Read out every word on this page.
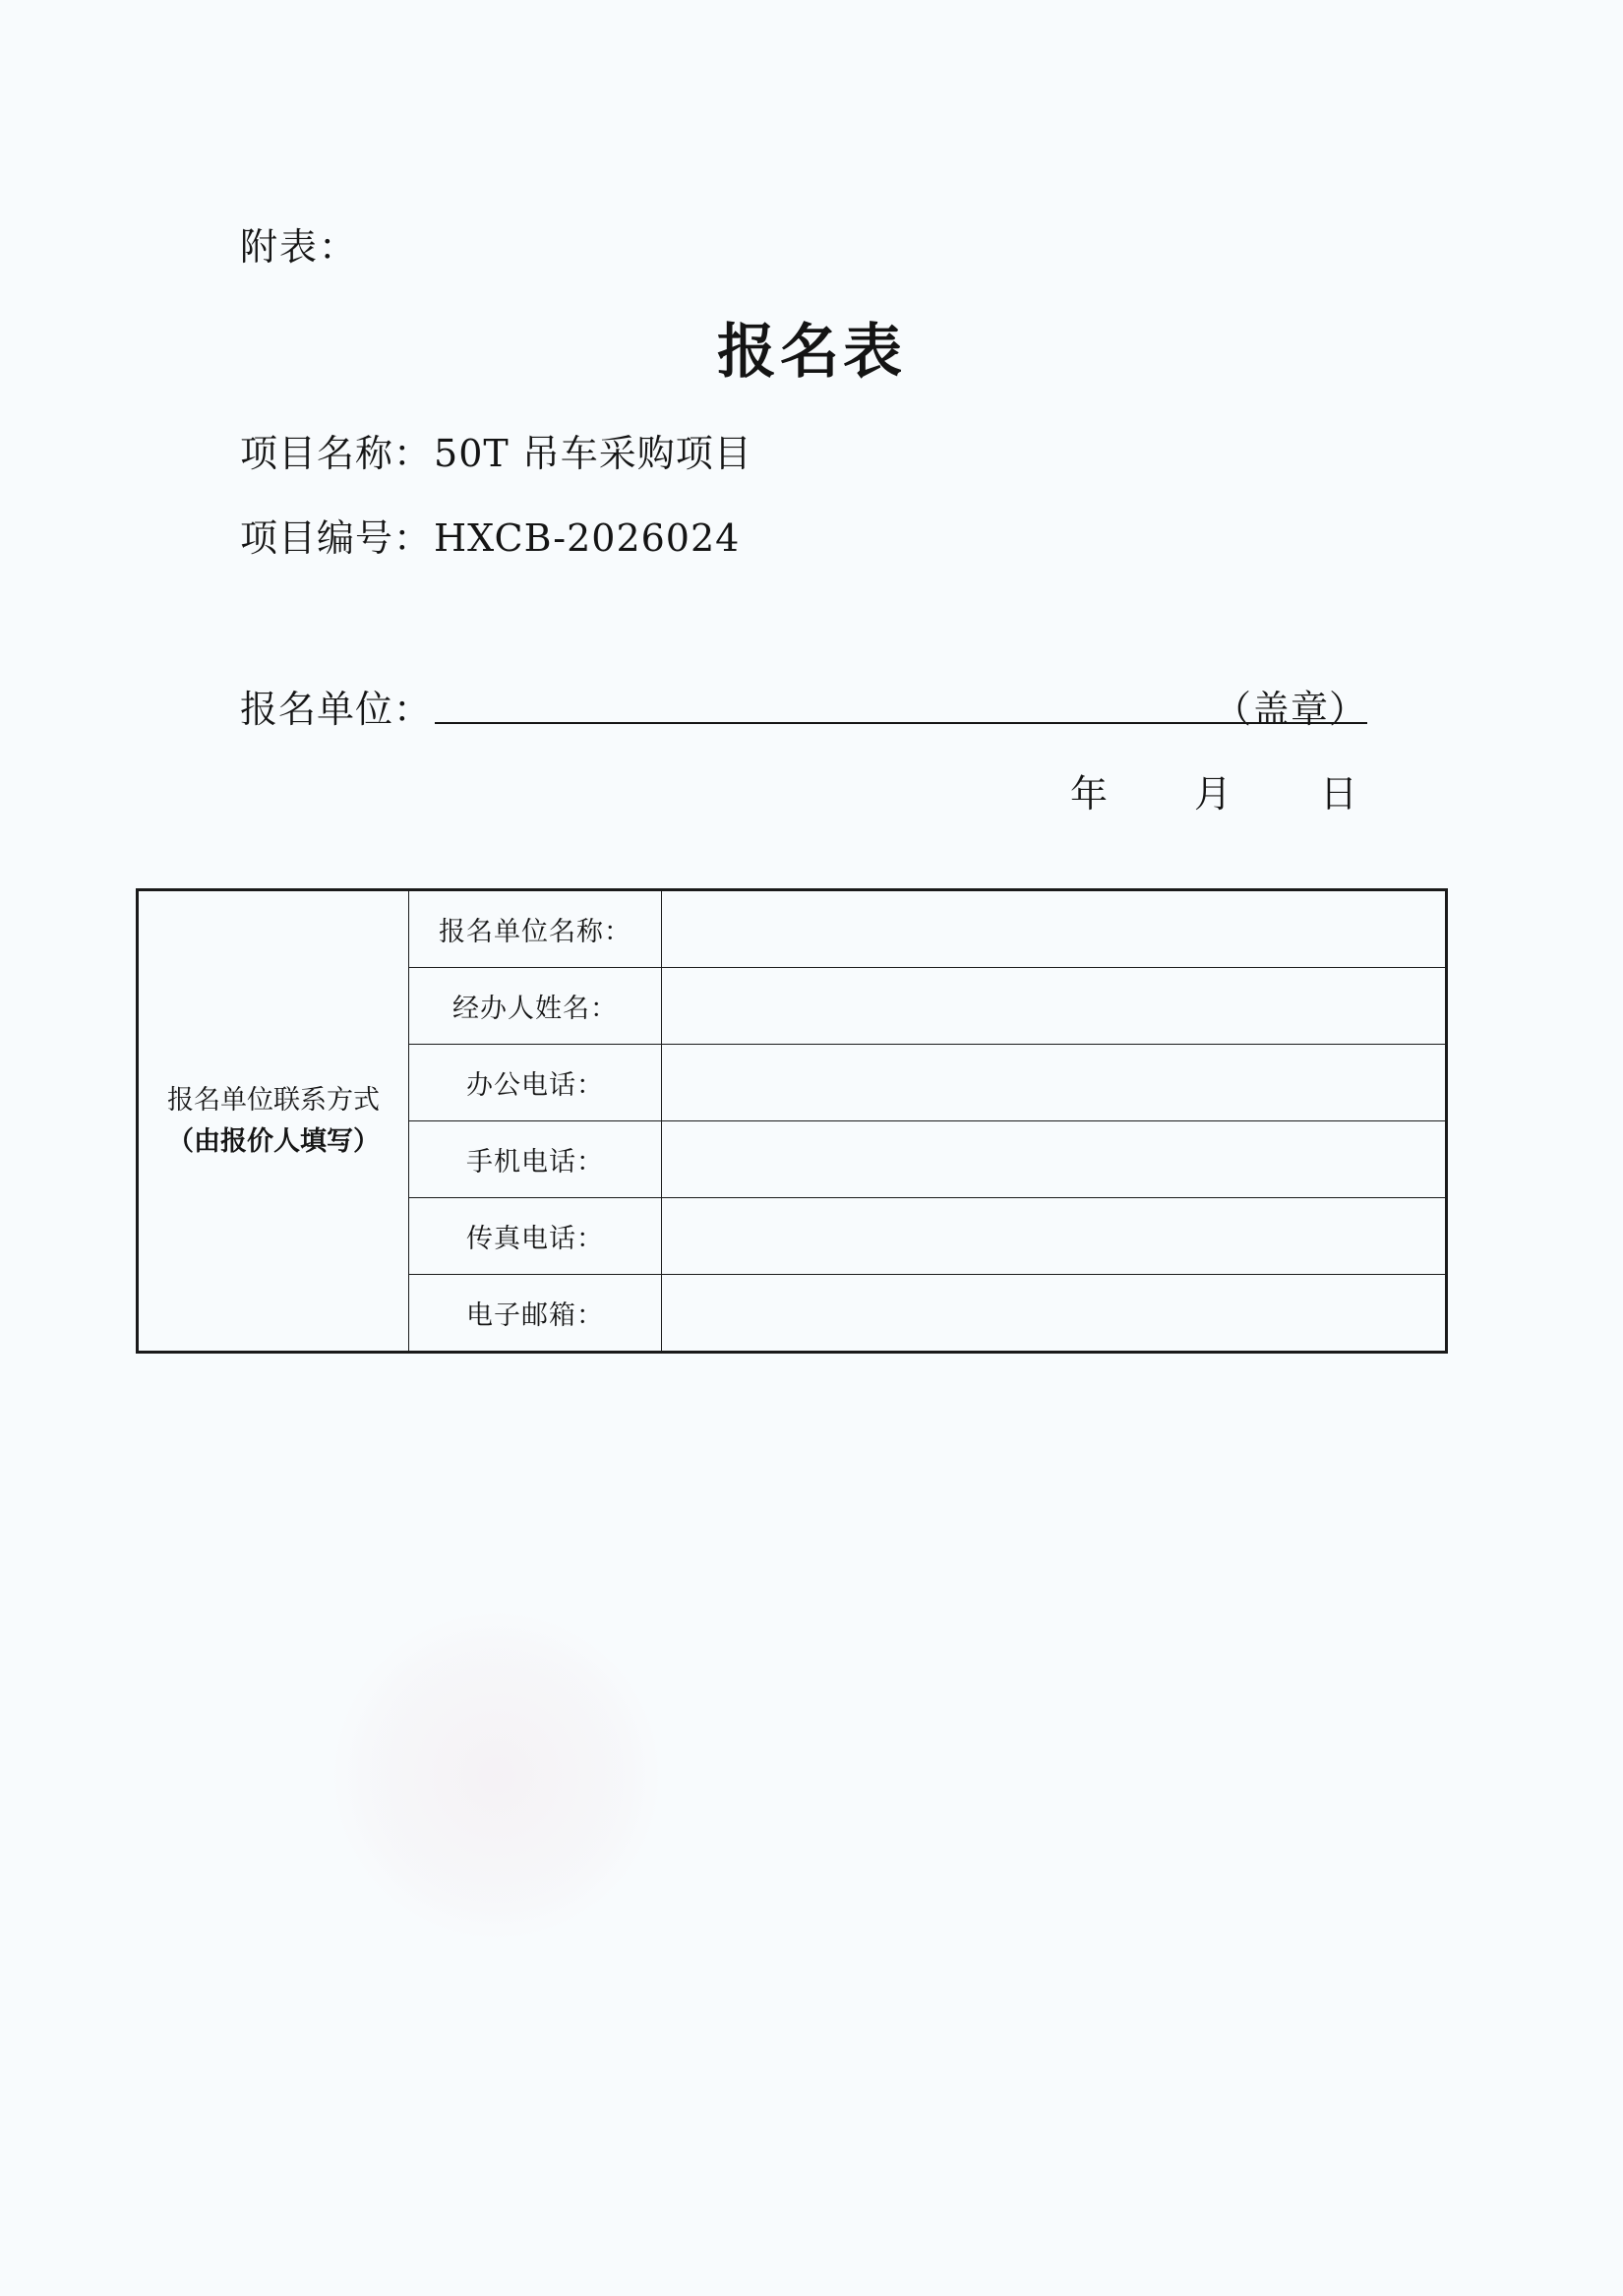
附表：
报名表
项目名称：50T 吊车采购项目
项目编号：HXCB-2026024
报名单位：	（盖章）
年 月 日
报名单位联系方式
（由报价人填写）	报名单位名称：	
	经办人姓名：	
	办公电话：	
	手机电话：	
	传真电话：	
	电子邮箱：	
